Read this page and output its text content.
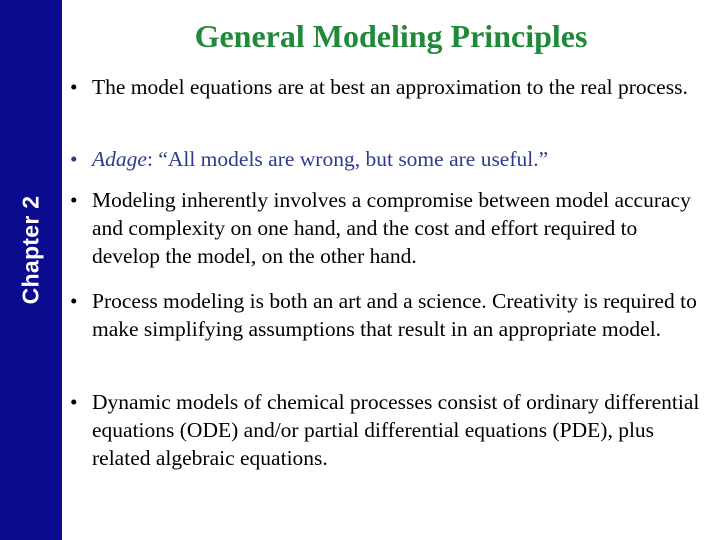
Chapter 2
General Modeling Principles
• The model equations are at best an approximation to the real process.
• Adage: “All models are wrong, but some are useful.”
• Modeling inherently involves a compromise between model accuracy and complexity on one hand, and the cost and effort required to develop the model, on the other hand.
• Process modeling is both an art and a science. Creativity is required to make simplifying assumptions that result in an appropriate model.
• Dynamic models of chemical processes consist of ordinary differential equations (ODE) and/or partial differential equations (PDE), plus related algebraic equations.
